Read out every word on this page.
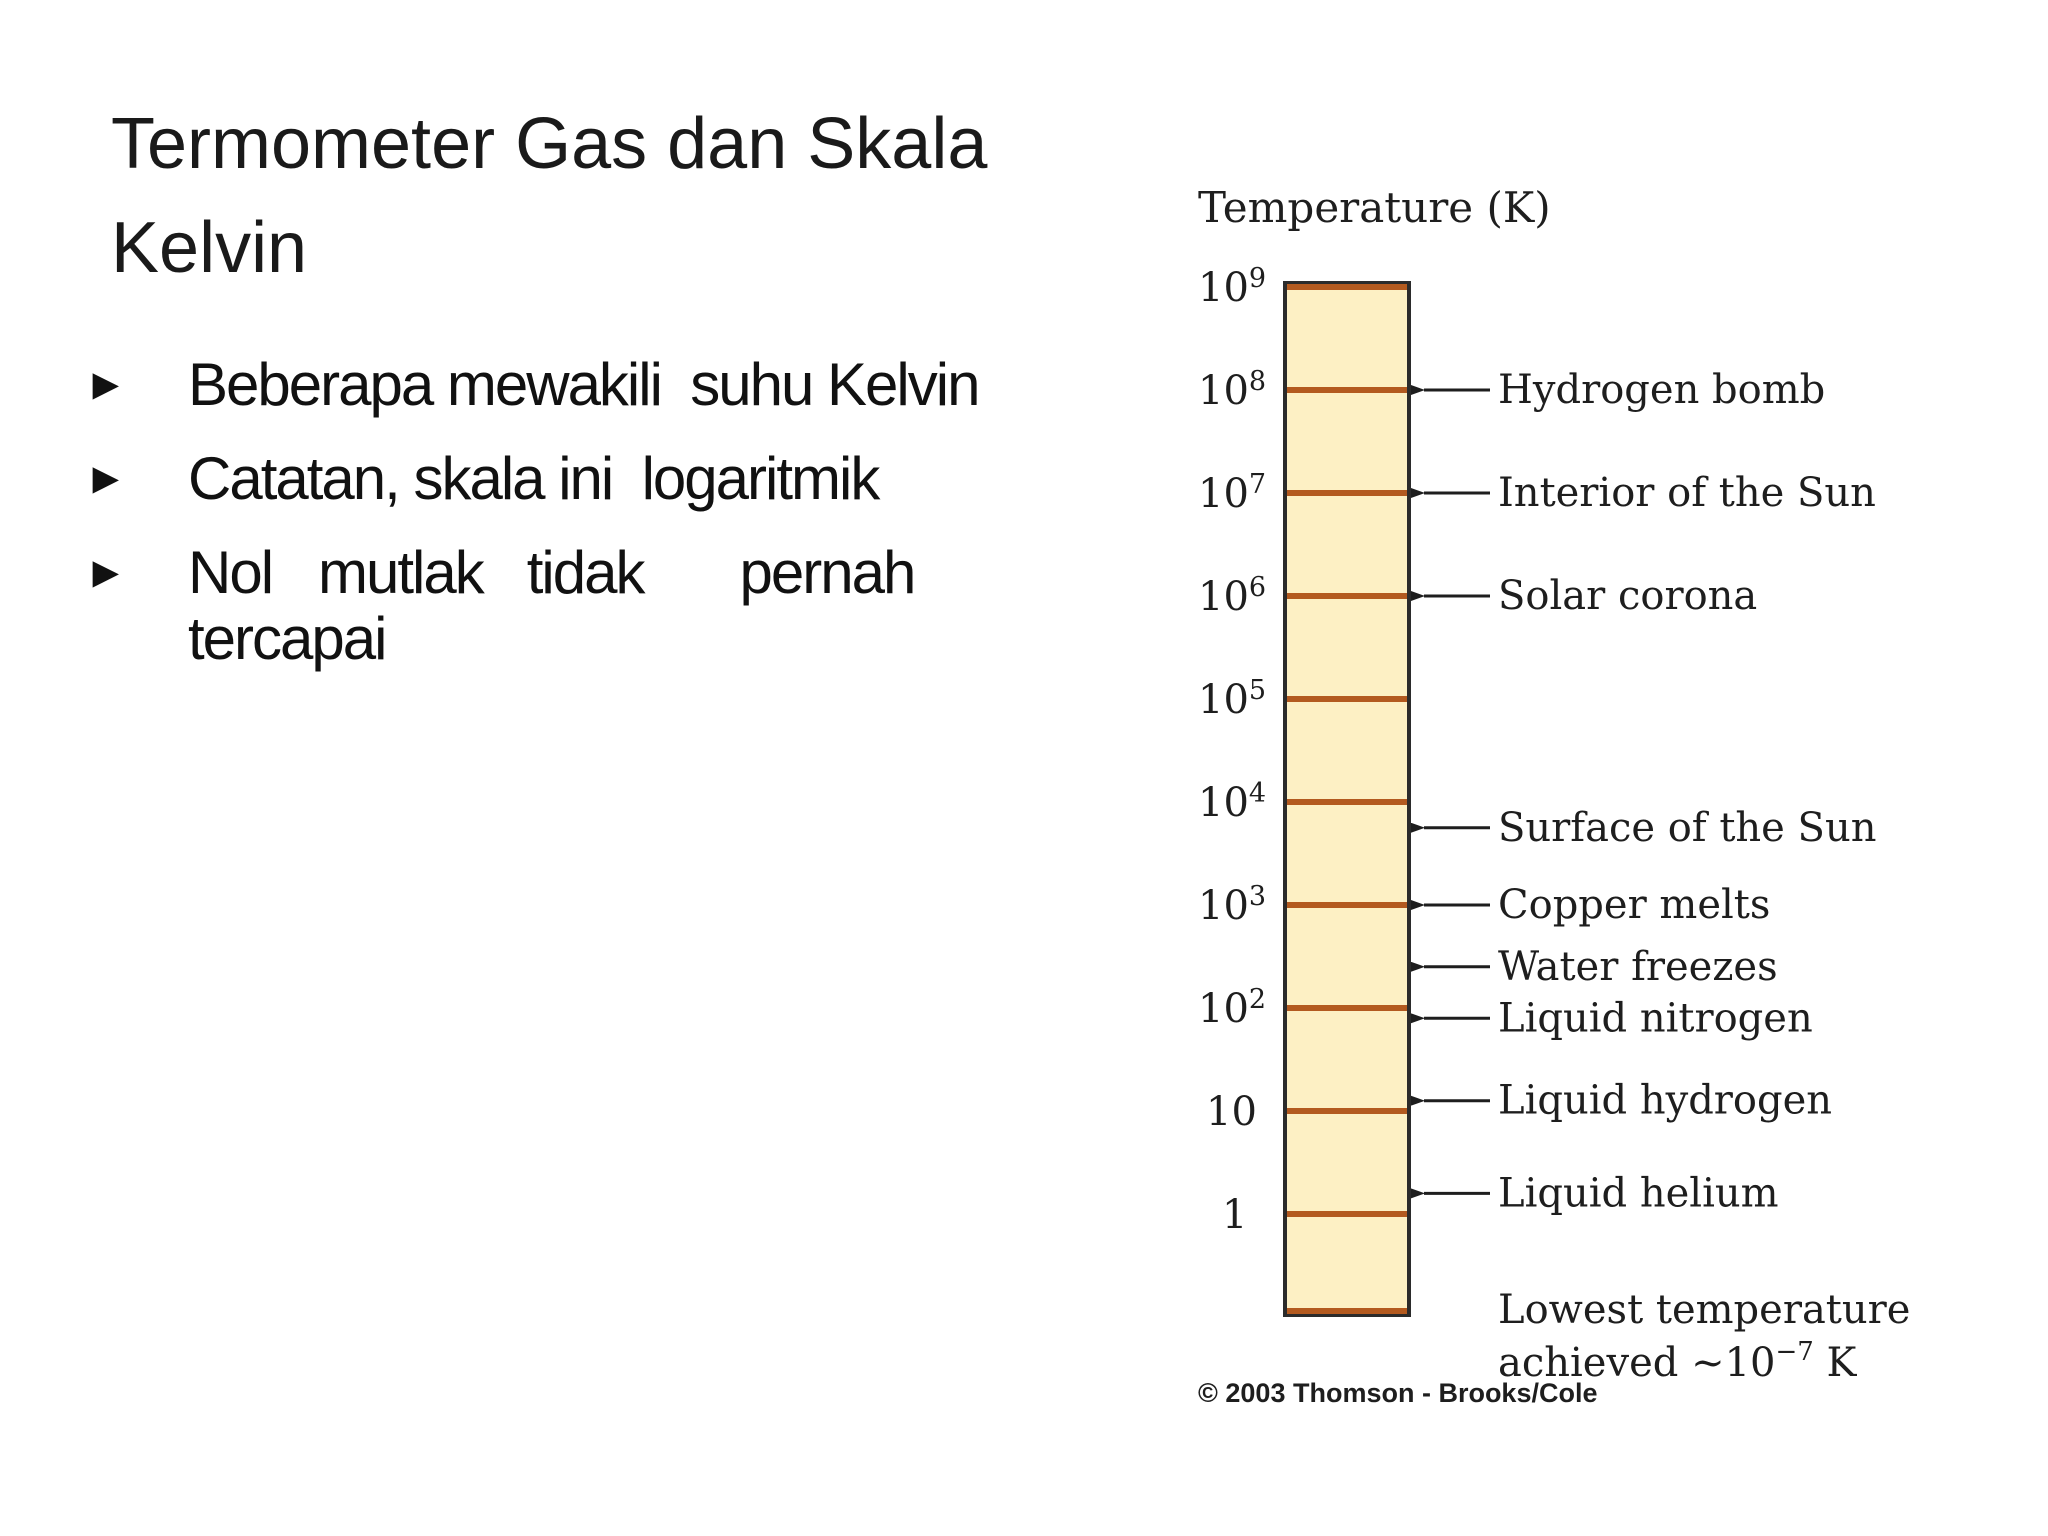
Termometer Gas dan Skala
Kelvin
► Beberapa mewakili  suhu Kelvin
► Catatan, skala ini  logaritmik
► Nol mutlak tidak pernah
tercapai
Temperature (K)
$10^9$
$10^8$
$10^7$
$10^6$
$10^5$
$10^4$
$10^3$
$10^2$
10
1
Hydrogen bomb
Interior of the Sun
Solar corona
Surface of the Sun
Copper melts
Water freezes
Liquid nitrogen
Liquid hydrogen
Liquid helium
Lowest temperature
achieved $\sim 10^{-7}$ K
© 2003 Thomson - Brooks/Cole
